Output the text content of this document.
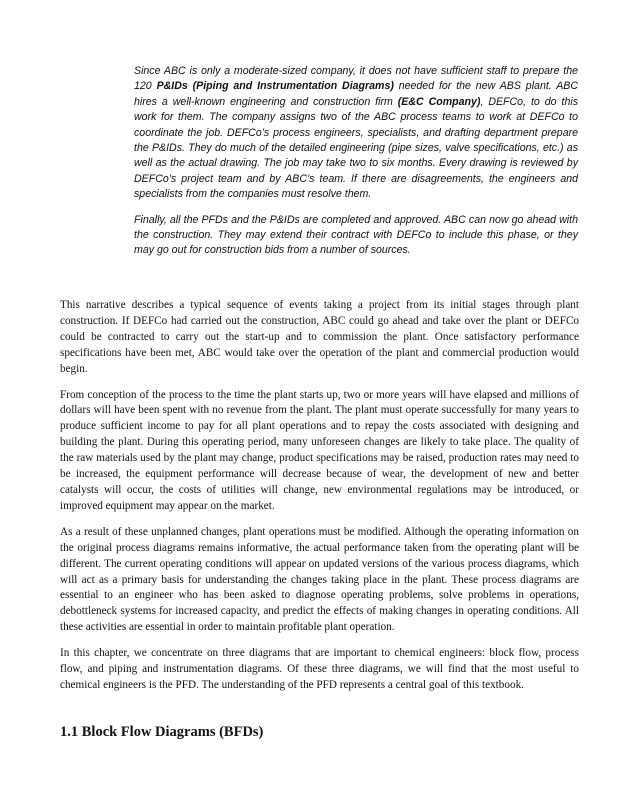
Since ABC is only a moderate-sized company, it does not have sufficient staff to prepare the 120 P&IDs (Piping and Instrumentation Diagrams) needed for the new ABS plant. ABC hires a well-known engineering and construction firm (E&C Company), DEFCo, to do this work for them. The company assigns two of the ABC process teams to work at DEFCo to coordinate the job. DEFCo’s process engineers, specialists, and drafting department prepare the P&IDs. They do much of the detailed engineering (pipe sizes, valve specifications, etc.) as well as the actual drawing. The job may take two to six months. Every drawing is reviewed by DEFCo’s project team and by ABC’s team. If there are disagreements, the engineers and specialists from the companies must resolve them.

Finally, all the PFDs and the P&IDs are completed and approved. ABC can now go ahead with the construction. They may extend their contract with DEFCo to include this phase, or they may go out for construction bids from a number of sources.

This narrative describes a typical sequence of events taking a project from its initial stages through plant construction. If DEFCo had carried out the construction, ABC could go ahead and take over the plant or DEFCo could be contracted to carry out the start-up and to commission the plant. Once satisfactory performance specifications have been met, ABC would take over the operation of the plant and commercial production would begin.

From conception of the process to the time the plant starts up, two or more years will have elapsed and millions of dollars will have been spent with no revenue from the plant. The plant must operate successfully for many years to produce sufficient income to pay for all plant operations and to repay the costs associated with designing and building the plant. During this operating period, many unforeseen changes are likely to take place. The quality of the raw materials used by the plant may change, product specifications may be raised, production rates may need to be increased, the equipment performance will decrease because of wear, the development of new and better catalysts will occur, the costs of utilities will change, new environmental regulations may be introduced, or improved equipment may appear on the market.

As a result of these unplanned changes, plant operations must be modified. Although the operating information on the original process diagrams remains informative, the actual performance taken from the operating plant will be different. The current operating conditions will appear on updated versions of the various process diagrams, which will act as a primary basis for understanding the changes taking place in the plant. These process diagrams are essential to an engineer who has been asked to diagnose operating problems, solve problems in operations, debottleneck systems for increased capacity, and predict the effects of making changes in operating conditions. All these activities are essential in order to maintain profitable plant operation.

In this chapter, we concentrate on three diagrams that are important to chemical engineers: block flow, process flow, and piping and instrumentation diagrams. Of these three diagrams, we will find that the most useful to chemical engineers is the PFD. The understanding of the PFD represents a central goal of this textbook.

1.1 Block Flow Diagrams (BFDs)
